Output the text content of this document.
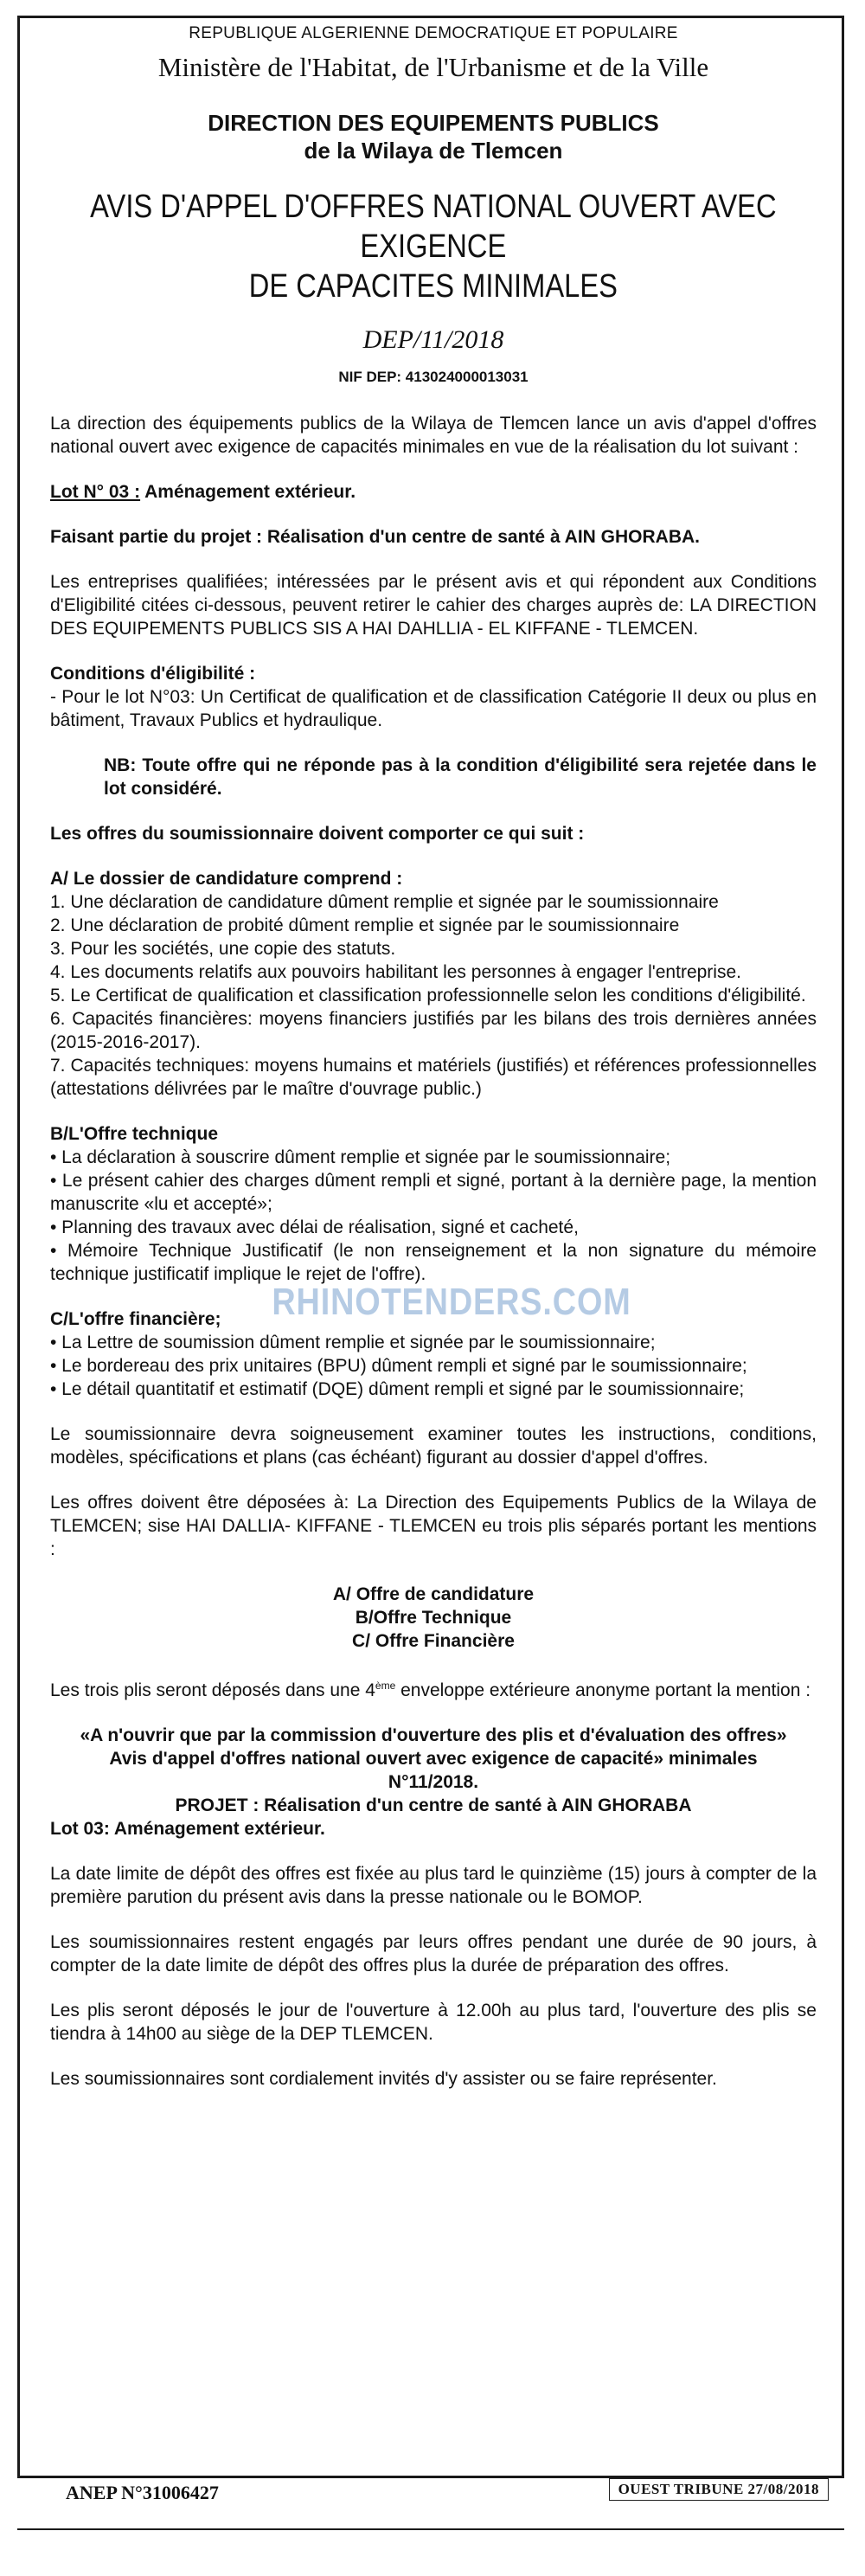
REPUBLIQUE ALGERIENNE DEMOCRATIQUE ET POPULAIRE
Ministère de l'Habitat, de l'Urbanisme et de la Ville
DIRECTION DES EQUIPEMENTS PUBLICS
de la Wilaya de Tlemcen
AVIS D'APPEL D'OFFRES NATIONAL OUVERT AVEC EXIGENCE
DE CAPACITES MINIMALES
DEP/11/2018
NIF DEP: 413024000013031

La direction des équipements publics de la Wilaya de Tlemcen lance un avis d'appel d'offres national ouvert avec exigence de capacités minimales en vue de la réalisation du lot suivant :

Lot N° 03 : Aménagement extérieur.

Faisant partie du projet : Réalisation d'un centre de santé à AIN GHORABA.

Les entreprises qualifiées; intéressées par le présent avis et qui répondent aux Conditions d'Eligibilité citées ci-dessous, peuvent retirer le cahier des charges auprès de: LA DIRECTION DES EQUIPEMENTS PUBLICS SIS A HAI DAHLLIA - EL KIFFANE - TLEMCEN.

Conditions d'éligibilité :

- Pour le lot N°03: Un Certificat de qualification et de classification Catégorie II deux ou plus en bâtiment, Travaux Publics et hydraulique.

NB: Toute offre qui ne réponde pas à la condition d'éligibilité sera rejetée dans le lot considéré.

Les offres du soumissionnaire doivent comporter ce qui suit :

A/ Le dossier de candidature comprend :

1. Une déclaration de candidature dûment remplie et signée par le soumissionnaire
2. Une déclaration de probité dûment remplie et signée par le soumissionnaire
3. Pour les sociétés, une copie des statuts.
4. Les documents relatifs aux pouvoirs habilitant les personnes à engager l'entreprise.
5. Le Certificat de qualification et classification professionnelle selon les conditions d'éligibilité.
6. Capacités financières: moyens financiers justifiés par les bilans des trois dernières années (2015-2016-2017).
7. Capacités techniques: moyens humains et matériels (justifiés) et références professionnelles (attestations délivrées par le maître d'ouvrage public.)

B/L'Offre technique

• La déclaration à souscrire dûment remplie et signée par le soumissionnaire;
• Le présent cahier des charges dûment rempli et signé, portant à la dernière page, la mention manuscrite «lu et accepté»;
• Planning des travaux avec délai de réalisation, signé et cacheté,
• Mémoire Technique Justificatif (le non renseignement et la non signature du mémoire technique justificatif implique le rejet de l'offre).

C/L'offre financière;

• La Lettre de soumission dûment remplie et signée par le soumissionnaire;
• Le bordereau des prix unitaires (BPU) dûment rempli et signé par le soumissionnaire;
• Le détail quantitatif et estimatif (DQE) dûment rempli et signé par le soumissionnaire;

Le soumissionnaire devra soigneusement examiner toutes les instructions, conditions, modèles, spécifications et plans (cas échéant) figurant au dossier d'appel d'offres.

Les offres doivent être déposées à: La Direction des Equipements Publics de la Wilaya de TLEMCEN; sise HAI DALLIA- KIFFANE - TLEMCEN eu trois plis séparés portant les mentions :

A/ Offre de candidature

B/Offre Technique

C/ Offre Financière

Les trois plis seront déposés dans une 4ème enveloppe extérieure anonyme portant la mention :

«A n'ouvrir que par la commission d'ouverture des plis et d'évaluation des offres»

Avis d'appel d'offres national ouvert avec exigence de capacité» minimales

N°11/2018.

PROJET : Réalisation d'un centre de santé à AIN GHORABA

Lot 03: Aménagement extérieur.

La date limite de dépôt des offres est fixée au plus tard le quinzième (15) jours à compter de la première parution du présent avis dans la presse nationale ou le BOMOP.

Les soumissionnaires restent engagés par leurs offres pendant une durée de 90 jours, à compter de la date limite de dépôt des offres plus la durée de préparation des offres.

Les plis seront déposés le jour de l'ouverture à 12.00h au plus tard, l'ouverture des plis se tiendra à 14h00 au siège de la DEP TLEMCEN.

Les soumissionnaires sont cordialement invités d'y assister ou se faire représenter.

RHINOTENDERS.COM
ANEP N°31006427	OUEST TRIBUNE 27/08/2018
